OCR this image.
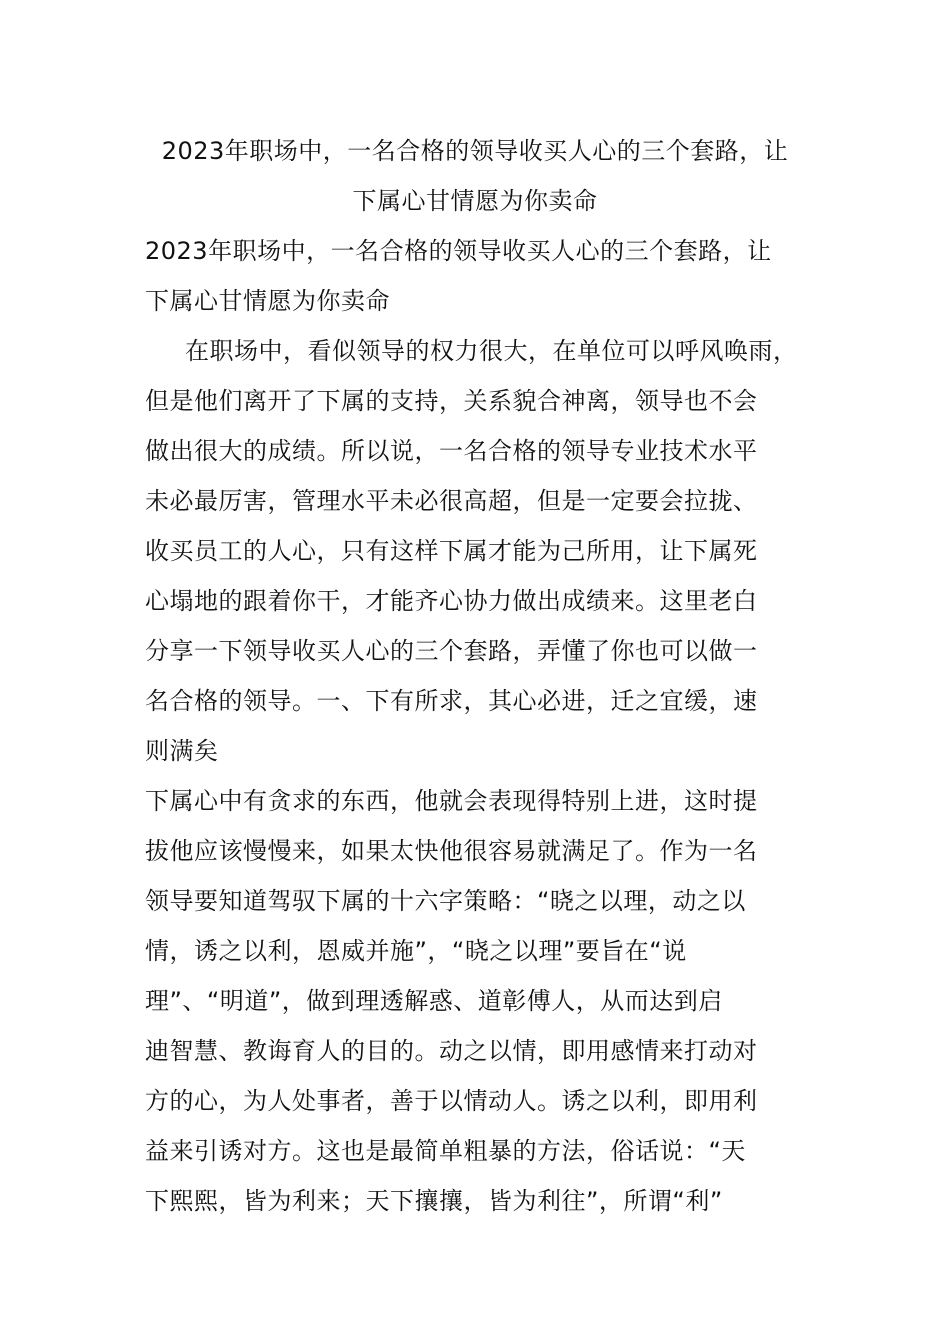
2023年职场中，一名合格的领导收买人心的三个套路，让
下属心甘情愿为你卖命
2023年职场中，一名合格的领导收买人心的三个套路，让
下属心甘情愿为你卖命
在职场中，看似领导的权力很大，在单位可以呼风唤雨，
但是他们离开了下属的支持，关系貌合神离，领导也不会
做出很大的成绩。所以说，一名合格的领导专业技术水平
未必最厉害，管理水平未必很高超，但是一定要会拉拢、
收买员工的人心，只有这样下属才能为己所用，让下属死
心塌地的跟着你干，才能齐心协力做出成绩来。这里老白
分享一下领导收买人心的三个套路，弄懂了你也可以做一
名合格的领导。一、下有所求，其心必进，迁之宜缓，速
则满矣
下属心中有贪求的东西，他就会表现得特别上进，这时提
拔他应该慢慢来，如果太快他很容易就满足了。作为一名
领导要知道驾驭下属的十六字策略：“晓之以理，动之以
情，诱之以利，恩威并施”，“晓之以理”要旨在“说
理”、“明道”，做到理透解惑、道彰傅人，从而达到启
迪智慧、教诲育人的目的。动之以情，即用感情来打动对
方的心，为人处事者，善于以情动人。诱之以利，即用利
益来引诱对方。这也是最简单粗暴的方法，俗话说：“天
下熙熙，皆为利来；天下攘攘，皆为利往”，所谓“利”
